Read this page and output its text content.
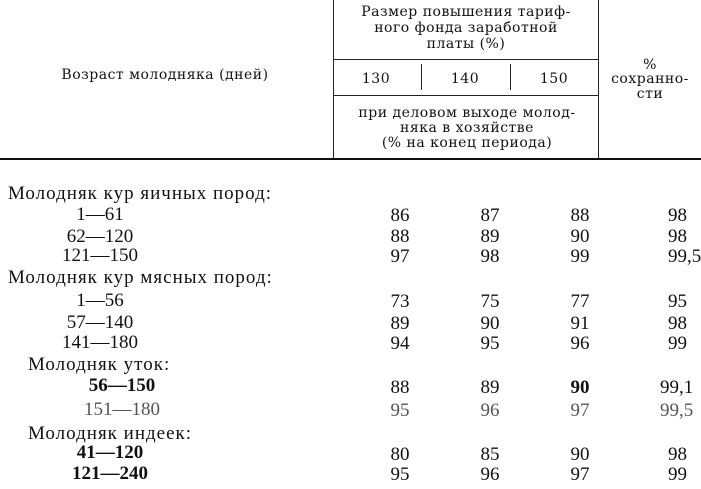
Возраст молодняка (дней)
Размер повышения тариф-
ного фонда заработной
платы (%)
130	140	150
при деловом выходе молод-
няка в хозяйстве
(% на конец периода)
%
сохранно-
сти
Молодняк кур яичных пород:
1—61	86	87	88	98
62—120	88	89	90	98
121—150	97	98	99	99,5
Молодняк кур мясных пород:
1—56	73	75	77	95
57—140	89	90	91	98
141—180	94	95	96	99
Молодняк уток:
56—150	88	89	90	99,1
151—180	95	96	97	99,5
Молодняк индеек:
41—120	80	85	90	98
121—240	95	96	97	99
